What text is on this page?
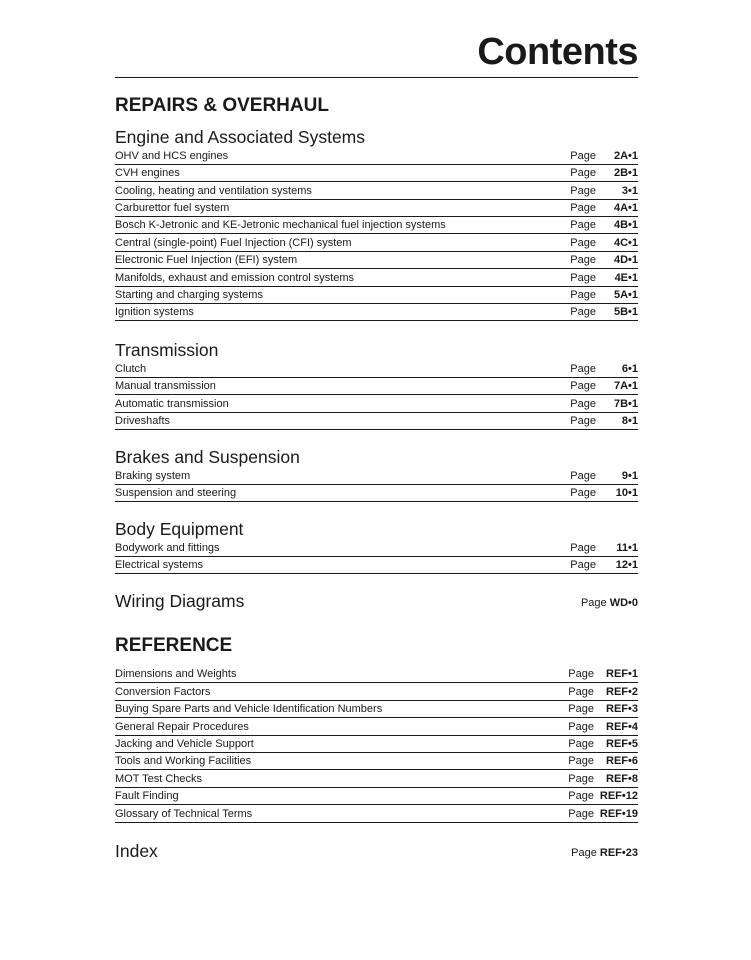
Contents
REPAIRS & OVERHAUL
Engine and Associated Systems
OHV and HCS engines	Page	2A•1
CVH engines	Page	2B•1
Cooling, heating and ventilation systems	Page	3•1
Carburettor fuel system	Page	4A•1
Bosch K-Jetronic and KE-Jetronic mechanical fuel injection systems	Page	4B•1
Central (single-point) Fuel Injection (CFI) system	Page	4C•1
Electronic Fuel Injection (EFI) system	Page	4D•1
Manifolds, exhaust and emission control systems	Page	4E•1
Starting and charging systems	Page	5A•1
Ignition systems	Page	5B•1
Transmission
Clutch	Page	6•1
Manual transmission	Page	7A•1
Automatic transmission	Page	7B•1
Driveshafts	Page	8•1
Brakes and Suspension
Braking system	Page	9•1
Suspension and steering	Page	10•1
Body Equipment
Bodywork and fittings	Page	11•1
Electrical systems	Page	12•1
Wiring Diagrams	Page WD•0
REFERENCE
Dimensions and Weights	Page	REF•1
Conversion Factors	Page	REF•2
Buying Spare Parts and Vehicle Identification Numbers	Page	REF•3
General Repair Procedures	Page	REF•4
Jacking and Vehicle Support	Page	REF•5
Tools and Working Facilities	Page	REF•6
MOT Test Checks	Page	REF•8
Fault Finding	Page REF•12
Glossary of Technical Terms	Page REF•19
Index	Page REF•23
